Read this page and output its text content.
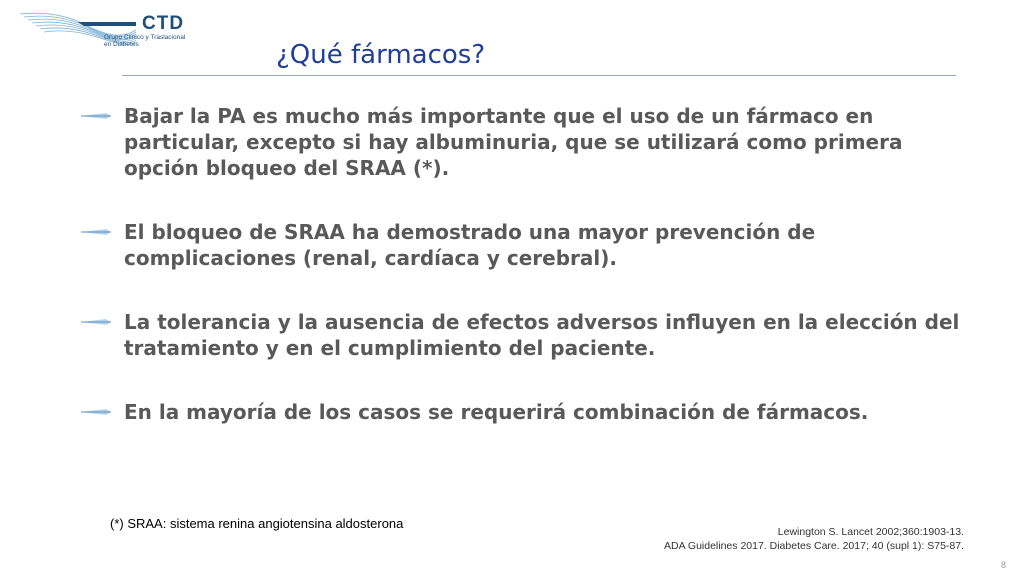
CTD
Grupo Clínico y Traslacional
en Diabetes	¿Qué fármacos?
Bajar la PA es mucho más importante que el uso de un fármaco en particular, excepto si hay albuminuria, que se utilizará como primera opción bloqueo del SRAA (*).
El bloqueo de SRAA ha demostrado una mayor prevención de complicaciones (renal, cardíaca y cerebral).
La tolerancia y la ausencia de efectos adversos influyen en la elección del tratamiento y en el cumplimiento del paciente.
En la mayoría de los casos se requerirá combinación de fármacos.
(*) SRAA: sistema renina angiotensina aldosterona
Lewington S. Lancet 2002;360:1903-13.
ADA Guidelines 2017. Diabetes Care. 2017; 40 (supl 1): S75-87.
8
